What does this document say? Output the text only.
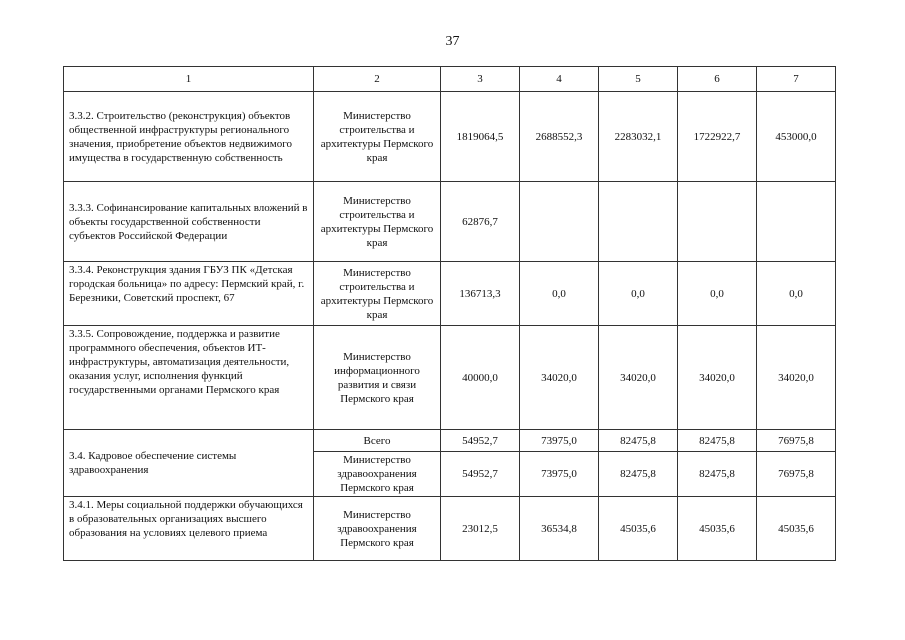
37
1	2	3	4	5	6	7
3.3.2. Строительство (реконструкция) объектов общественной инфраструктуры регионального значения, приобретение объектов недвижимого имущества в государственную собственность	Министерство строительства и архитектуры Пермского края	1819064,5	2688552,3	2283032,1	1722922,7	453000,0
3.3.3. Софинансирование капитальных вложений в объекты государственной собственности субъектов Российской Федерации	Министерство строительства и архитектуры Пермского края	62876,7				
3.3.4. Реконструкция здания ГБУЗ ПК «Детская городская больница» по адресу: Пермский край, г. Березники, Советский проспект, 67	Министерство строительства и архитектуры Пермского края	136713,3	0,0	0,0	0,0	0,0
3.3.5. Сопровождение, поддержка и развитие программного обеспечения, объектов ИТ-инфраструктуры, автоматизация деятельности, оказания услуг, исполнения функций государственными органами Пермского края	Министерство информационного развития и связи Пермского края	40000,0	34020,0	34020,0	34020,0	34020,0
3.4. Кадровое обеспечение системы здравоохранения	Всего	54952,7	73975,0	82475,8	82475,8	76975,8
	Министерство здравоохранения Пермского края	54952,7	73975,0	82475,8	82475,8	76975,8
3.4.1. Меры социальной поддержки обучающихся в образовательных организациях высшего образования на условиях целевого приема	Министерство здравоохранения Пермского края	23012,5	36534,8	45035,6	45035,6	45035,6
